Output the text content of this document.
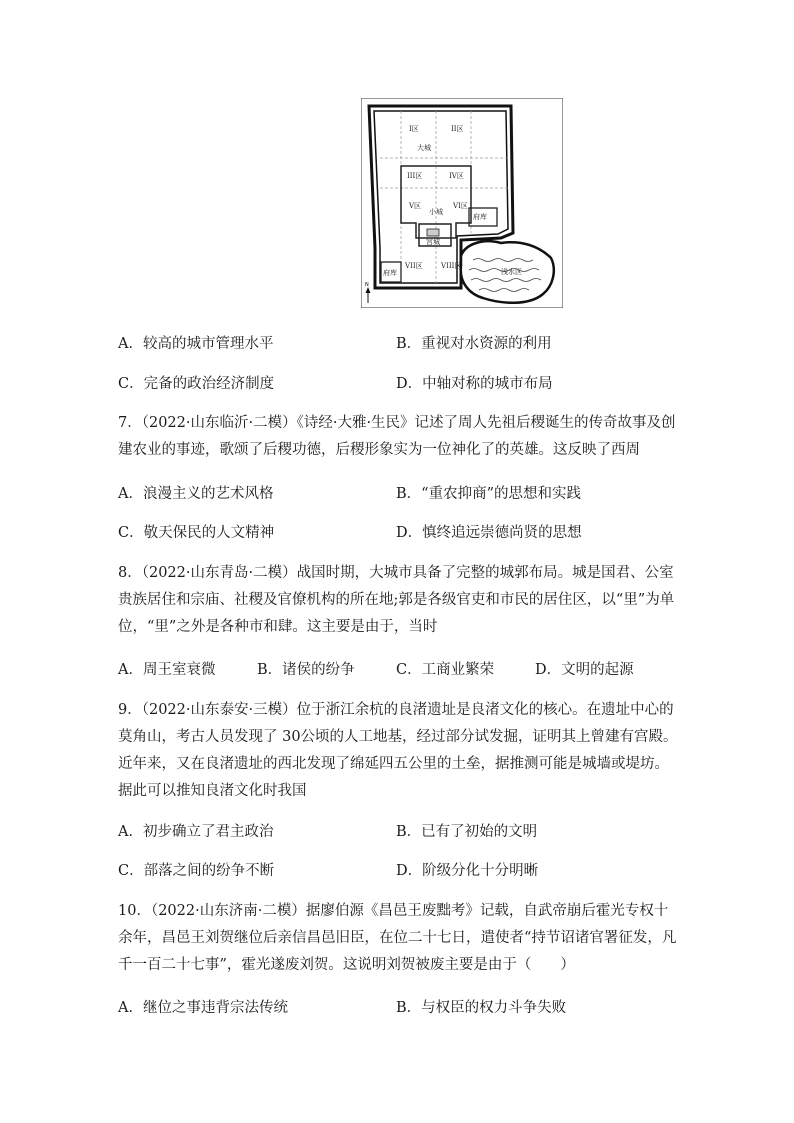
I区	II区
大城
III区	IV区
V区
小城
VI区
府库
宫城
VII区	VIII区
府库	浅水区
N
A．较高的城市管理水平	B．重视对水资源的利用
C．完备的政治经济制度	D．中轴对称的城市布局

7．（2022·山东临沂·二模）《诗经·大雅·生民》记述了周人先祖后稷诞生的传奇故事及创建农业的事迹，歌颂了后稷功德，后稷形象实为一位神化了的英雄。这反映了西周

A．浪漫主义的艺术风格	B．“重农抑商”的思想和实践
C．敬天保民的人文精神	D．慎终追远崇德尚贤的思想

8．（2022·山东青岛·二模）战国时期，大城市具备了完整的城郭布局。城是国君、公室贵族居住和宗庙、社稷及官僚机构的所在地;郭是各级官吏和市民的居住区，以“里”为单位，“里”之外是各种市和肆。这主要是由于，当时

A．周王室衰微	B．诸侯的纷争	C．工商业繁荣	D．文明的起源

9．（2022·山东泰安·三模）位于浙江余杭的良渚遗址是良渚文化的核心。在遗址中心的莫角山，考古人员发现了 30公顷的人工地基，经过部分试发掘，证明其上曾建有宫殿。近年来，又在良渚遗址的西北发现了绵延四五公里的土垒，据推测可能是城墙或堤坊。据此可以推知良渚文化时我国

A．初步确立了君主政治	B．已有了初始的文明
C．部落之间的纷争不断	D．阶级分化十分明晰

10．（2022·山东济南·二模）据廖伯源《昌邑王废黜考》记载，自武帝崩后霍光专权十余年，昌邑王刘贺继位后亲信昌邑旧臣，在位二十七日，遣使者“持节诏诸官署征发，凡千一百二十七事”，霍光遂废刘贺。这说明刘贺被废主要是由于（　　）

A．继位之事违背宗法传统	B．与权臣的权力斗争失败
